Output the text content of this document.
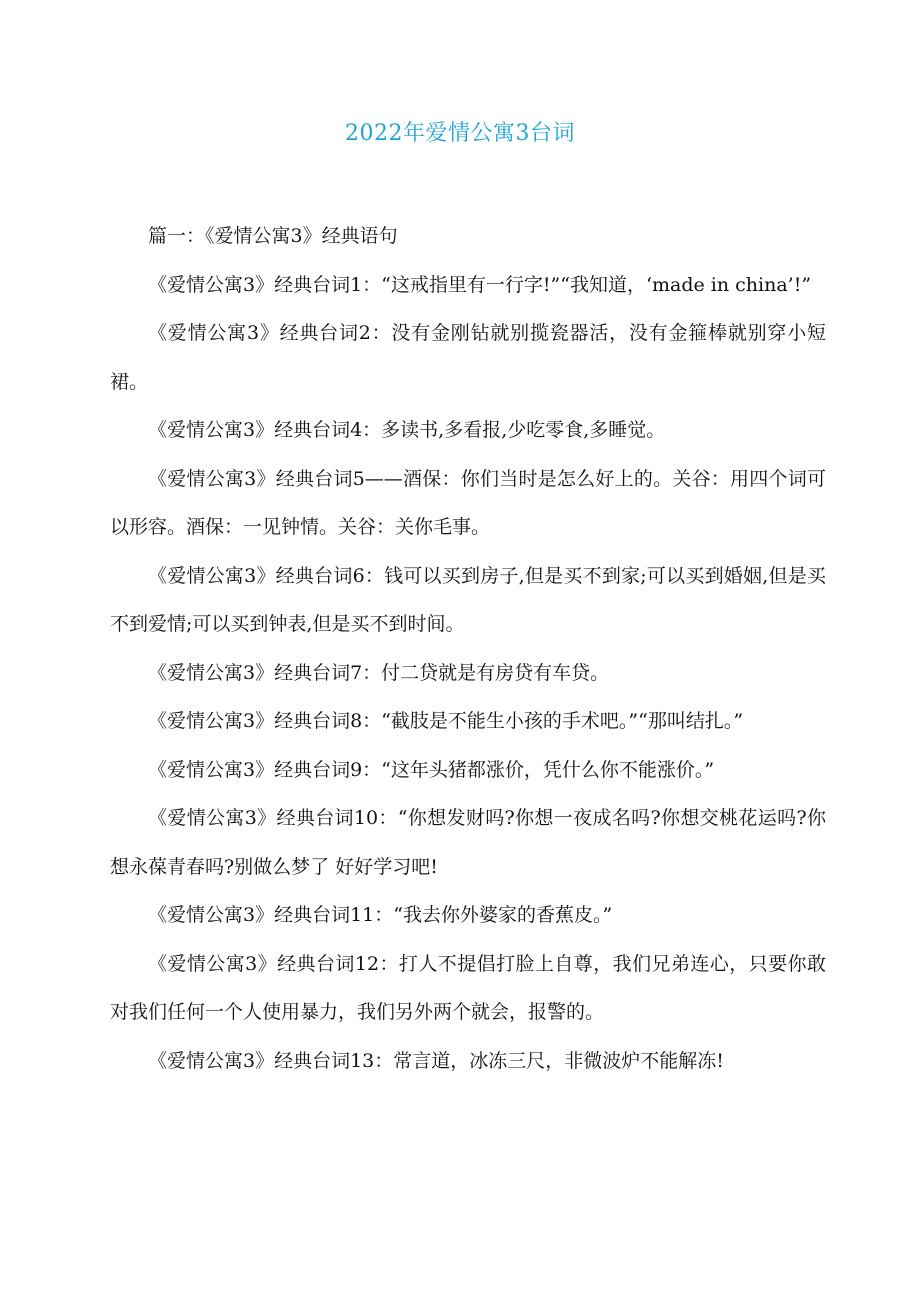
2022年爱情公寓3台词

篇一：《爱情公寓3》经典语句

《爱情公寓3》经典台词1：“这戒指里有一行字!”“我知道，‘made in china’!”

《爱情公寓3》经典台词2：没有金刚钻就别揽瓷器活，没有金箍棒就别穿小短裙。

《爱情公寓3》经典台词4：多读书,多看报,少吃零食,多睡觉。

《爱情公寓3》经典台词5——酒保：你们当时是怎么好上的。关谷：用四个词可以形容。酒保：一见钟情。关谷：关你毛事。

《爱情公寓3》经典台词6：钱可以买到房子,但是买不到家;可以买到婚姻,但是买不到爱情;可以买到钟表,但是买不到时间。

《爱情公寓3》经典台词7：付二贷就是有房贷有车贷。

《爱情公寓3》经典台词8：“截肢是不能生小孩的手术吧。”“那叫结扎。”

《爱情公寓3》经典台词9：“这年头猪都涨价，凭什么你不能涨价。”

《爱情公寓3》经典台词10：“你想发财吗?你想一夜成名吗?你想交桃花运吗?你想永葆青春吗?别做么梦了 好好学习吧!

《爱情公寓3》经典台词11：“我去你外婆家的香蕉皮。”

《爱情公寓3》经典台词12：打人不提倡打脸上自尊，我们兄弟连心，只要你敢对我们任何一个人使用暴力，我们另外两个就会，报警的。

《爱情公寓3》经典台词13：常言道，冰冻三尺，非微波炉不能解冻!
